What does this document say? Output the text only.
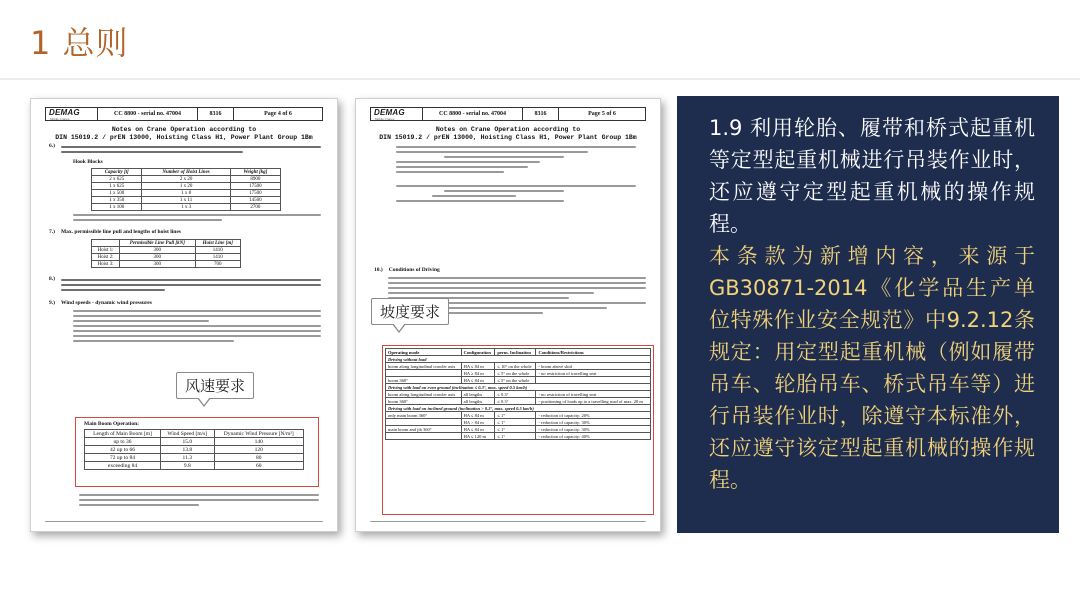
1 总则
DEMAG
Mobile Cranes
CC 8800 - serial no. 47004	8316	Page 4 of 6
Notes on Crane Operation according to
DIN 15019.2 / prEN 13000, Hoisting Class H1, Power Plant Group 1Bm
6.)
Hook Blocks
Capacity [t]	Number of Hoist Lines	Weight [kg]
2 x 625	2 x 20	8900
1 x 625	1 x 20	17500
1 x 500	1 x 8	17500
1 x 350	1 x 11	14500
1 x 100	1 x 3	2700
7.) Max. permissible line pull and lengths of hoist lines
	Permissible Line Pull [kN]	Hoist Line [m]
Hoist 1:	300	1410
Hoist 2:	300	1410
Hoist 3:	300	700
8.)
9.) Wind speeds - dynamic wind pressures
Main Boom Operation:
Length of Main Boom [m]	Wind Speed [m/s]	Dynamic Wind Pressure [N/m²]
up to 36	15.0	140
42 up to 66	13.8	120
72 up to 84	11.3	80
exceeding 84	9.8	60
风速要求
DEMAG
Mobile Cranes
CC 8800 - serial no. 47004	8316	Page 5 of 6
Notes on Crane Operation according to
DIN 15019.2 / prEN 13000, Hoisting Class H1, Power Plant Group 1Bm
10.) Conditions of Driving
Operating mode	Configuration	perm. Inclination	Conditions/Restrictions
Driving without load			
boom along longitudinal crawler axis	HA ≤ 84 m	≤ 10° on the whole	- boom above skid
	HA ≥ 84 m	≤ 5° on the whole	- no restriction of travelling seat
boom 360°	HA ≤ 84 m	≤ 5° on the whole	
Driving with load on even ground (inclination ≤ 0.3°, max. speed 0.5 km/h)			
boom along longitudinal crawler axis	all lengths	≤ 0.3°	- no restriction of travelling seat
boom 360°	all lengths	≤ 0.3°	- positioning of loads up to a travelling road of max. 20 m
Driving with load on inclined ground (inclination > 0.3°, max. speed 0.5 km/h)			
only main boom 360°	HA ≤ 84 m	≤ 1°	- reduction of capacity: 20%
	HA > 84 m	≤ 1°	- reduction of capacity: 30%
main boom and jib 360°	HA ≤ 84 m	≤ 1°	- reduction of capacity: 30%
	HA ≤ 120 m	≤ 1°	- reduction of capacity: 40%
坡度要求

1.9 利用轮胎、履带和桥式起重机等定型起重机械进行吊装作业时，还应遵守定型起重机械的操作规程。

本条款为新增内容，来源于GB30871-2014《化学品生产单位特殊作业安全规范》中9.2.12条规定：用定型起重机械（例如履带吊车、轮胎吊车、桥式吊车等）进行吊装作业时，除遵守本标准外，还应遵守该定型起重机械的操作规程。
